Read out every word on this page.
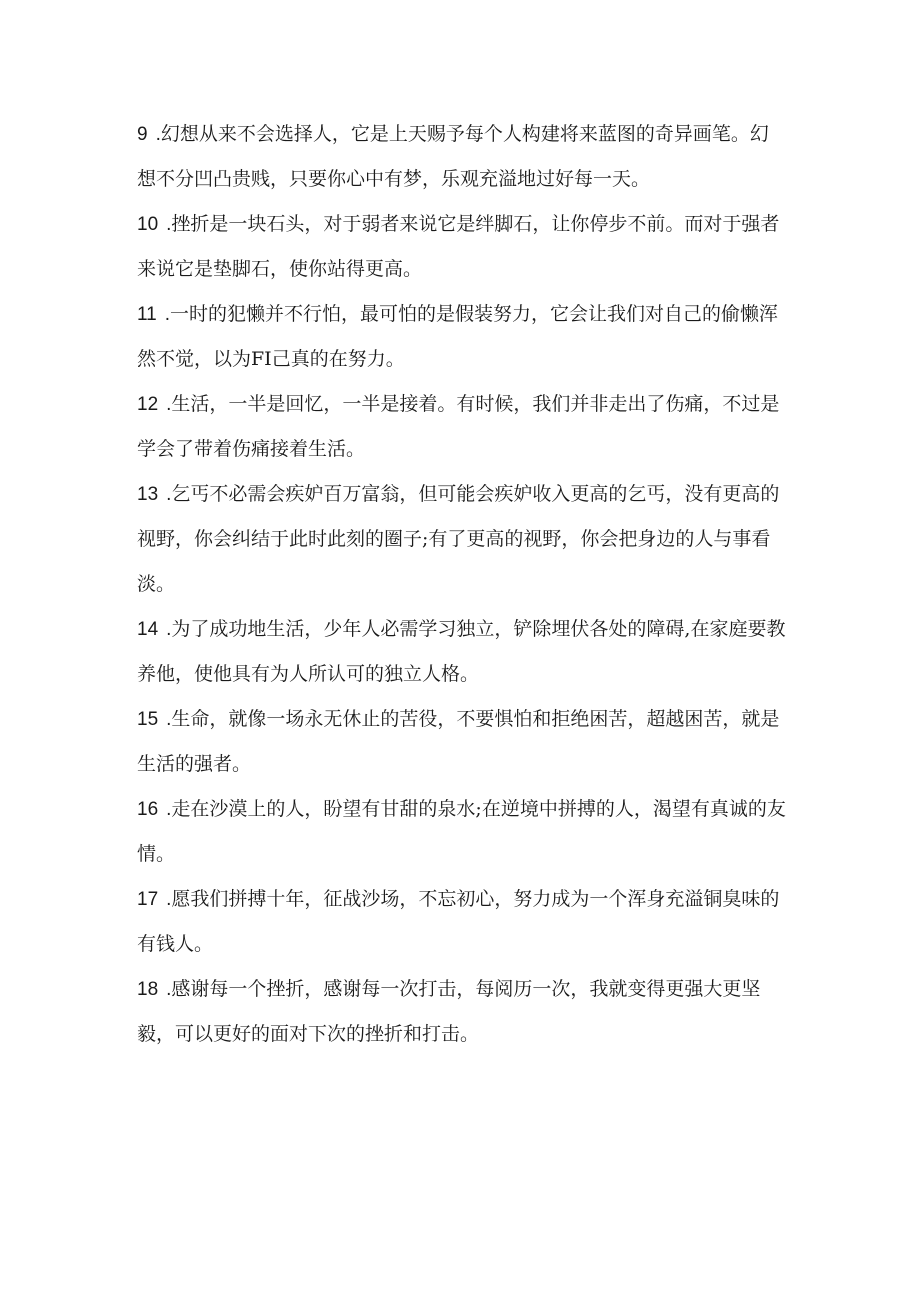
9 .幻想从来不会选择人，它是上天赐予每个人构建将来蓝图的奇异画笔。幻想不分凹凸贵贱，只要你心中有梦，乐观充溢地过好每一天。

10 .挫折是一块石头，对于弱者来说它是绊脚石，让你停步不前。而对于强者来说它是垫脚石，使你站得更高。

11 .一时的犯懒并不行怕，最可怕的是假装努力，它会让我们对自己的偷懒浑然不觉，以为FI己真的在努力。

12 .生活，一半是回忆，一半是接着。有时候，我们并非走出了伤痛，不过是学会了带着伤痛接着生活。

13 .乞丐不必需会疾妒百万富翁，但可能会疾妒收入更高的乞丐，没有更高的视野，你会纠结于此时此刻的圈子;有了更高的视野，你会把身边的人与事看淡。

14 .为了成功地生活，少年人必需学习独立，铲除埋伏各处的障碍,在家庭要教养他，使他具有为人所认可的独立人格。

15 .生命，就像一场永无休止的苦役，不要惧怕和拒绝困苦，超越困苦，就是生活的强者。

16 .走在沙漠上的人，盼望有甘甜的泉水;在逆境中拼搏的人，渴望有真诚的友情。

17 .愿我们拼搏十年，征战沙场，不忘初心，努力成为一个浑身充溢铜臭味的有钱人。

18 .感谢每一个挫折，感谢每一次打击，每阅历一次，我就变得更强大更坚毅，可以更好的面对下次的挫折和打击。
